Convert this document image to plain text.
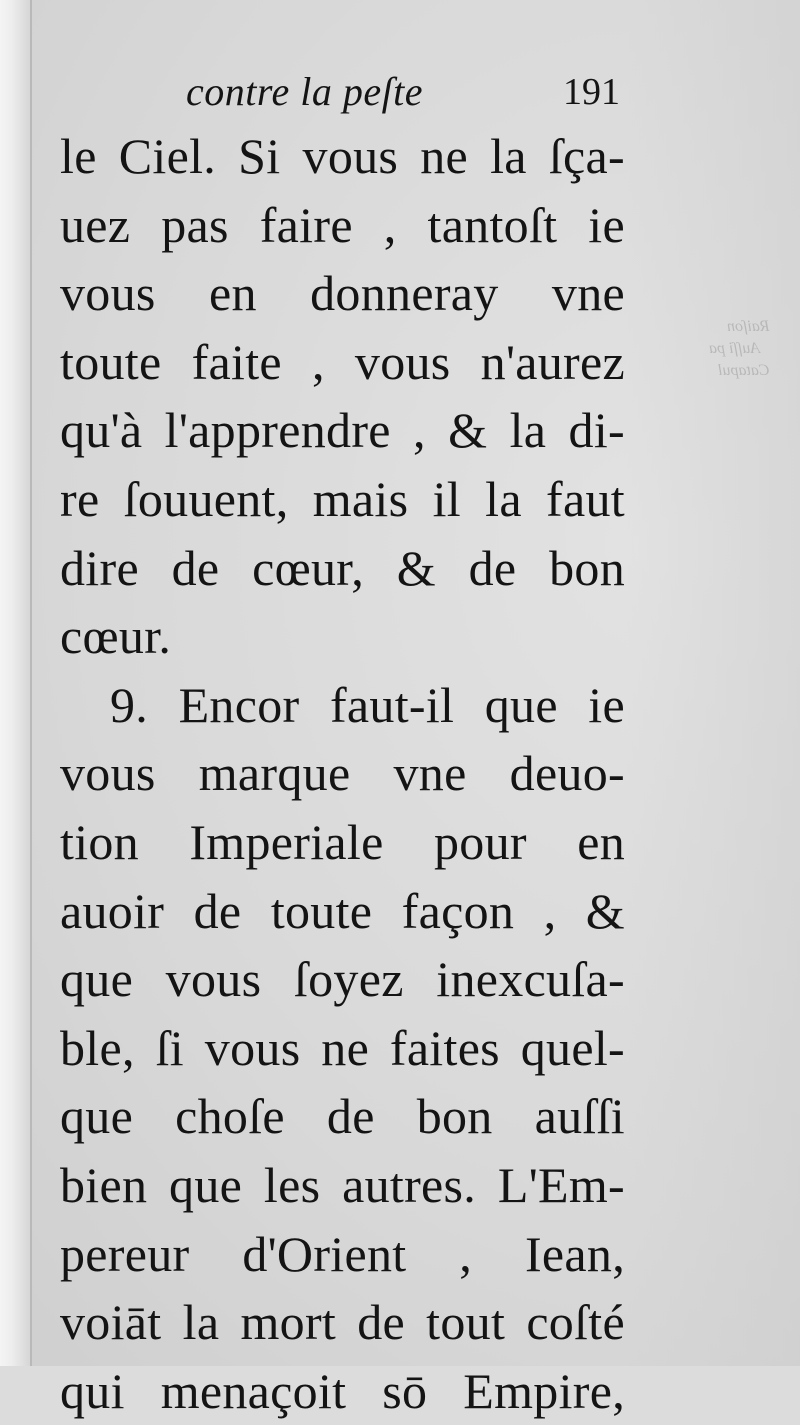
Raiſon
Auſſi pa
Catapul
contre la peſte	191
le Ciel. Si vous ne la ſça-
uez pas faire , tantoſt ie
vous en donneray vne
toute faite , vous n'aurez
qu'à l'apprendre , & la di-
re ſouuent, mais il la faut
dire de cœur, & de bon
cœur.
9. Encor faut-il que ie
vous marque vne deuo-
tion Imperiale pour en
auoir de toute façon , &
que vous ſoyez inexcuſa-
ble, ſi vous ne faites quel-
que choſe de bon auſſi
bien que les autres. L'Em-
pereur d'Orient , Iean,
voiāt la mort de tout coſté
qui menaçoit sō Empire,
